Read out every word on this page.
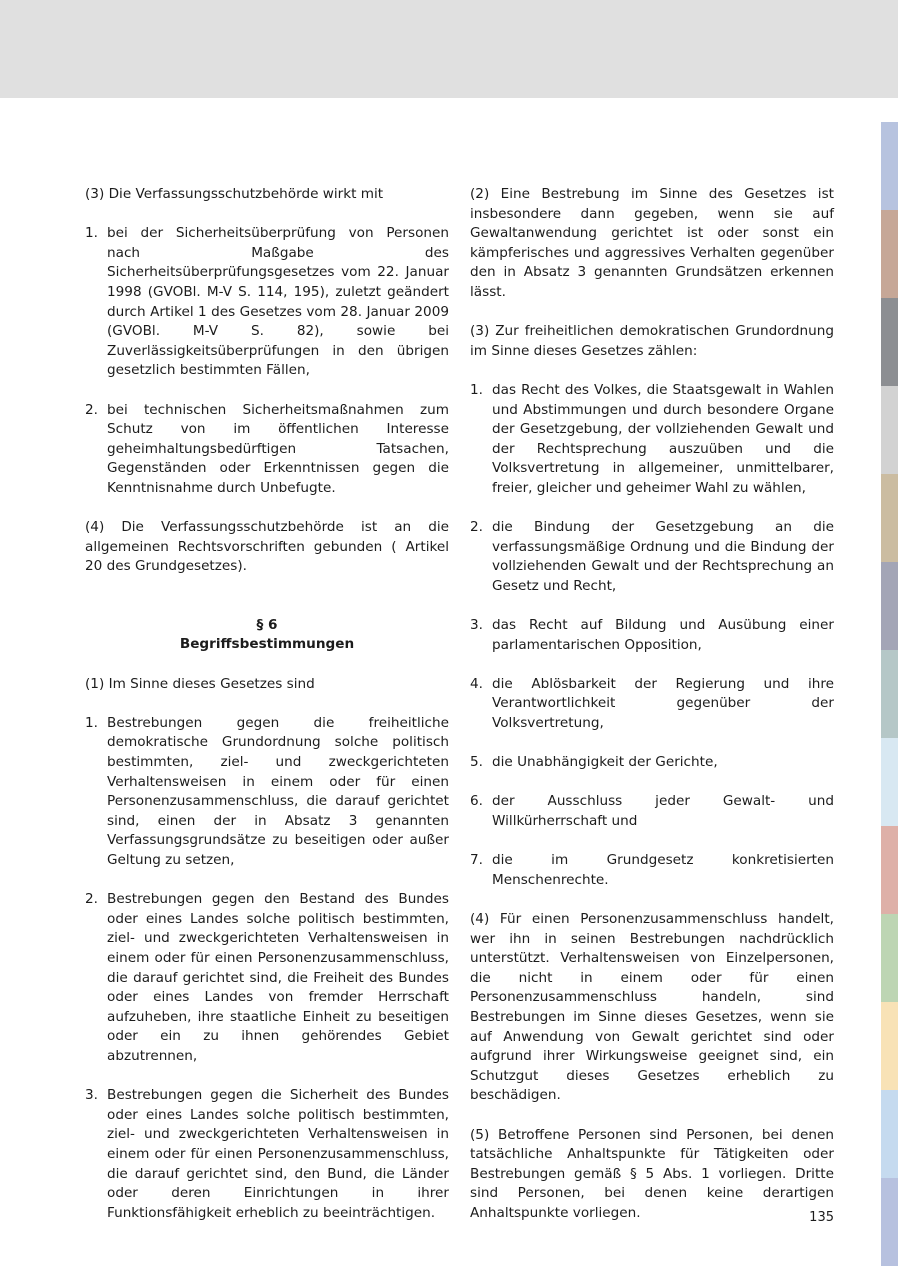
(3) Die Verfassungsschutzbehörde wirkt mit

1. bei der Sicherheitsüberprüfung von Personen nach Maßgabe des Sicherheitsüberprüfungsgesetzes vom 22. Januar 1998 (GVOBl. M-V S. 114, 195), zuletzt geändert durch Artikel 1 des Gesetzes vom 28. Januar 2009 (GVOBl. M-V S. 82), sowie bei Zuverlässigkeitsüberprüfungen in den übrigen gesetzlich bestimmten Fällen,
2. bei technischen Sicherheitsmaßnahmen zum Schutz von im öffentlichen Interesse geheimhaltungsbedürftigen Tatsachen, Gegenständen oder Erkenntnissen gegen die Kenntnisnahme durch Unbefugte.

(4) Die Verfassungsschutzbehörde ist an die allgemeinen Rechtsvorschriften gebunden ( Artikel 20 des Grundgesetzes).

§ 6
Begriffsbestimmungen

(1) Im Sinne dieses Gesetzes sind

1. Bestrebungen gegen die freiheitliche demokratische Grundordnung solche politisch bestimmten, ziel- und zweckgerichteten Verhaltensweisen in einem oder für einen Personenzusammenschluss, die darauf gerichtet sind, einen der in Absatz 3 genannten Verfassungsgrundsätze zu beseitigen oder außer Geltung zu setzen,
2. Bestrebungen gegen den Bestand des Bundes oder eines Landes solche politisch bestimmten, ziel- und zweckgerichteten Verhaltensweisen in einem oder für einen Personenzusammenschluss, die darauf gerichtet sind, die Freiheit des Bundes oder eines Landes von fremder Herrschaft aufzuheben, ihre staatliche Einheit zu beseitigen oder ein zu ihnen gehörendes Gebiet abzutrennen,
3. Bestrebungen gegen die Sicherheit des Bundes oder eines Landes solche politisch bestimmten, ziel- und zweckgerichteten Verhaltensweisen in einem oder für einen Personenzusammenschluss, die darauf gerichtet sind, den Bund, die Länder oder deren Einrichtungen in ihrer Funktionsfähigkeit erheblich zu beeinträchtigen.

(2) Eine Bestrebung im Sinne des Gesetzes ist insbesondere dann gegeben, wenn sie auf Gewaltanwendung gerichtet ist oder sonst ein kämpferisches und aggressives Verhalten gegenüber den in Absatz 3 genannten Grundsätzen erkennen lässt.

(3) Zur freiheitlichen demokratischen Grundordnung im Sinne dieses Gesetzes zählen:

1. das Recht des Volkes, die Staatsgewalt in Wahlen und Abstimmungen und durch besondere Organe der Gesetzgebung, der vollziehenden Gewalt und der Rechtsprechung auszuüben und die Volksvertretung in allgemeiner, unmittelbarer, freier, gleicher und geheimer Wahl zu wählen,
2. die Bindung der Gesetzgebung an die verfassungsmäßige Ordnung und die Bindung der vollziehenden Gewalt und der Rechtsprechung an Gesetz und Recht,
3. das Recht auf Bildung und Ausübung einer parlamentarischen Opposition,
4. die Ablösbarkeit der Regierung und ihre Verantwortlichkeit gegenüber der Volksvertretung,
5. die Unabhängigkeit der Gerichte,
6. der Ausschluss jeder Gewalt- und Willkürherrschaft und
7. die im Grundgesetz konkretisierten Menschenrechte.

(4) Für einen Personenzusammenschluss handelt, wer ihn in seinen Bestrebungen nachdrücklich unterstützt. Verhaltensweisen von Einzelpersonen, die nicht in einem oder für einen Personenzusammenschluss handeln, sind Bestrebungen im Sinne dieses Gesetzes, wenn sie auf Anwendung von Gewalt gerichtet sind oder aufgrund ihrer Wirkungsweise geeignet sind, ein Schutzgut dieses Gesetzes erheblich zu beschädigen.

(5) Betroffene Personen sind Personen, bei denen tatsächliche Anhaltspunkte für Tätigkeiten oder Bestrebungen gemäß § 5 Abs. 1 vorliegen. Dritte sind Personen, bei denen keine derartigen Anhaltspunkte vorliegen.	135
